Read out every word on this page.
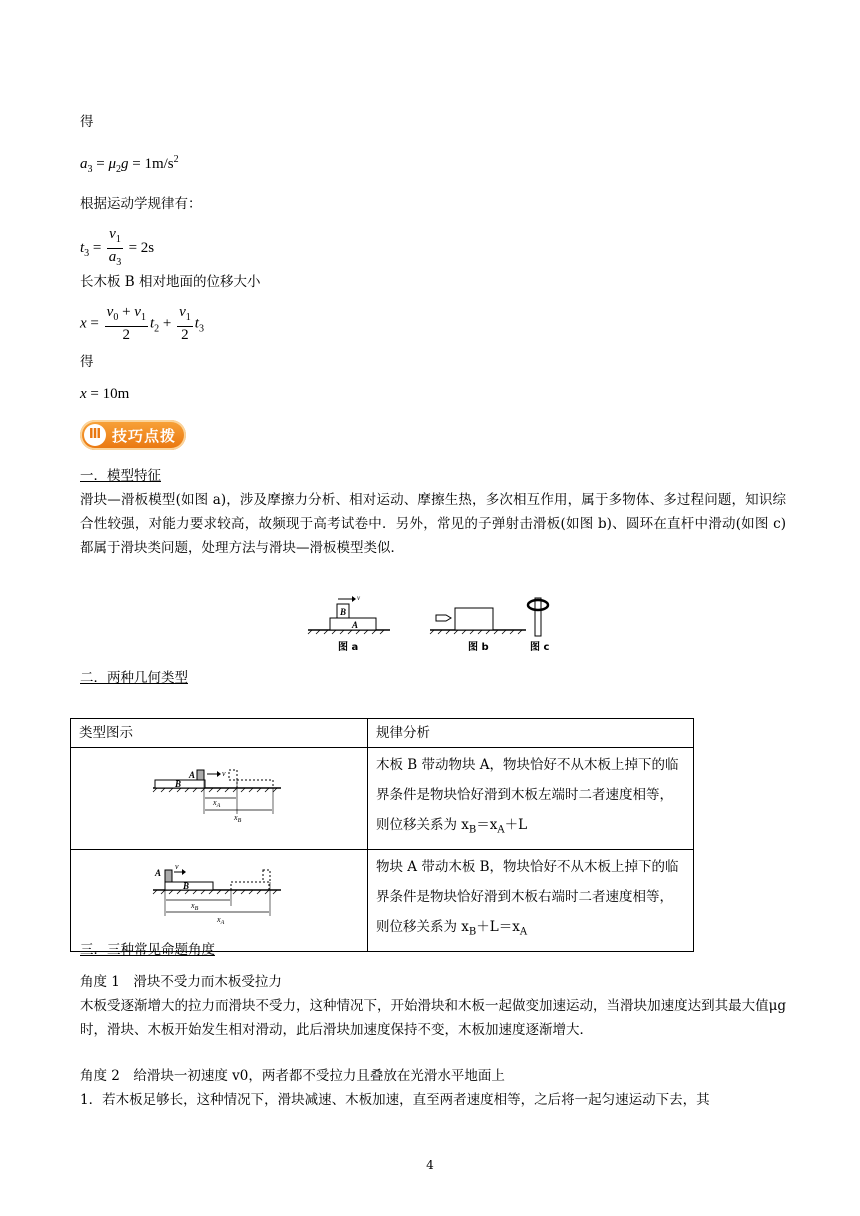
得
$a_3 = \mu_2g = 1m/s^2$
根据运动学规律有：
$t_3 = \frac{v_1}{a_3} = 2s$
长木板 B 相对地面的位移大小
$x = \frac{v_0 + v_1}{2} t_2 + \frac{v_1}{2} t_3$
得
x = 10m
Ⅲ 技巧点拨
一．模型特征
滑块—滑板模型(如图 a)，涉及摩擦力分析、相对运动、摩擦生热，多次相互作用，属于多物体、多过程问题，知识综合性较强，对能力要求较高，故频现于高考试卷中．另外，常见的子弹射击滑板(如图 b)、圆环在直杆中滑动(如图 c)都属于滑块类问题，处理方法与滑块—滑板模型类似．
B
A
v
图 a	图 b	图 c
二．两种几何类型
类型图示	规律分析

A
B
v
$x_A$
$x_B$	木板 B 带动物块 A，物块恰好不从木板上掉下的临界条件是物块恰好滑到木板左端时二者速度相等，则位移关系为 $x_B=x_A+L$

A
B
v
$x_B$
$x_A$	物块 A 带动木板 B，物块恰好不从木板上掉下的临界条件是物块恰好滑到木板右端时二者速度相等，则位移关系为 $x_B+L=x_A$
三．三种常见命题角度
角度 1　滑块不受力而木板受拉力
木板受逐渐增大的拉力而滑块不受力，这种情况下，开始滑块和木板一起做变加速运动，当滑块加速度达到其最大值μg 时，滑块、木板开始发生相对滑动，此后滑块加速度保持不变，木板加速度逐渐增大．
角度 2　给滑块一初速度 v0，两者都不受拉力且叠放在光滑水平地面上
1．若木板足够长，这种情况下，滑块减速、木板加速，直至两者速度相等，之后将一起匀速运动下去，其
4
